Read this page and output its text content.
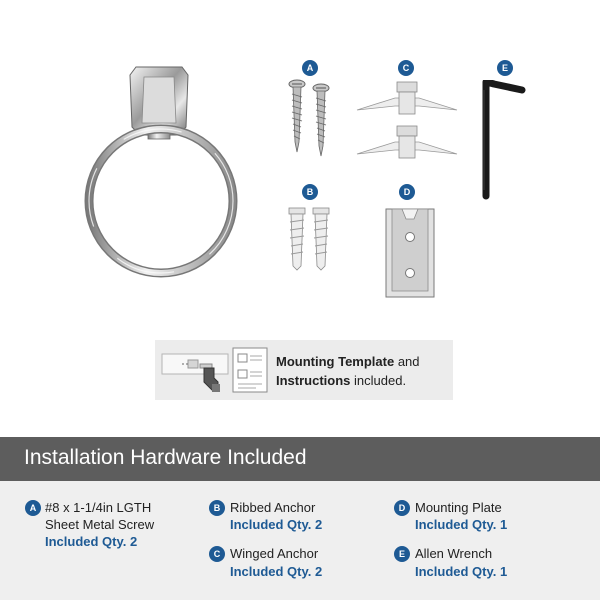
A
B
C
D
E
Mounting Template and
Instructions included.
Installation Hardware Included
A #8 x 1-1/4in LGTH
Sheet Metal Screw
Included Qty. 2
B Ribbed Anchor
Included Qty. 2
C Winged Anchor
Included Qty. 2
D Mounting Plate
Included Qty. 1
E Allen Wrench
Included Qty. 1
